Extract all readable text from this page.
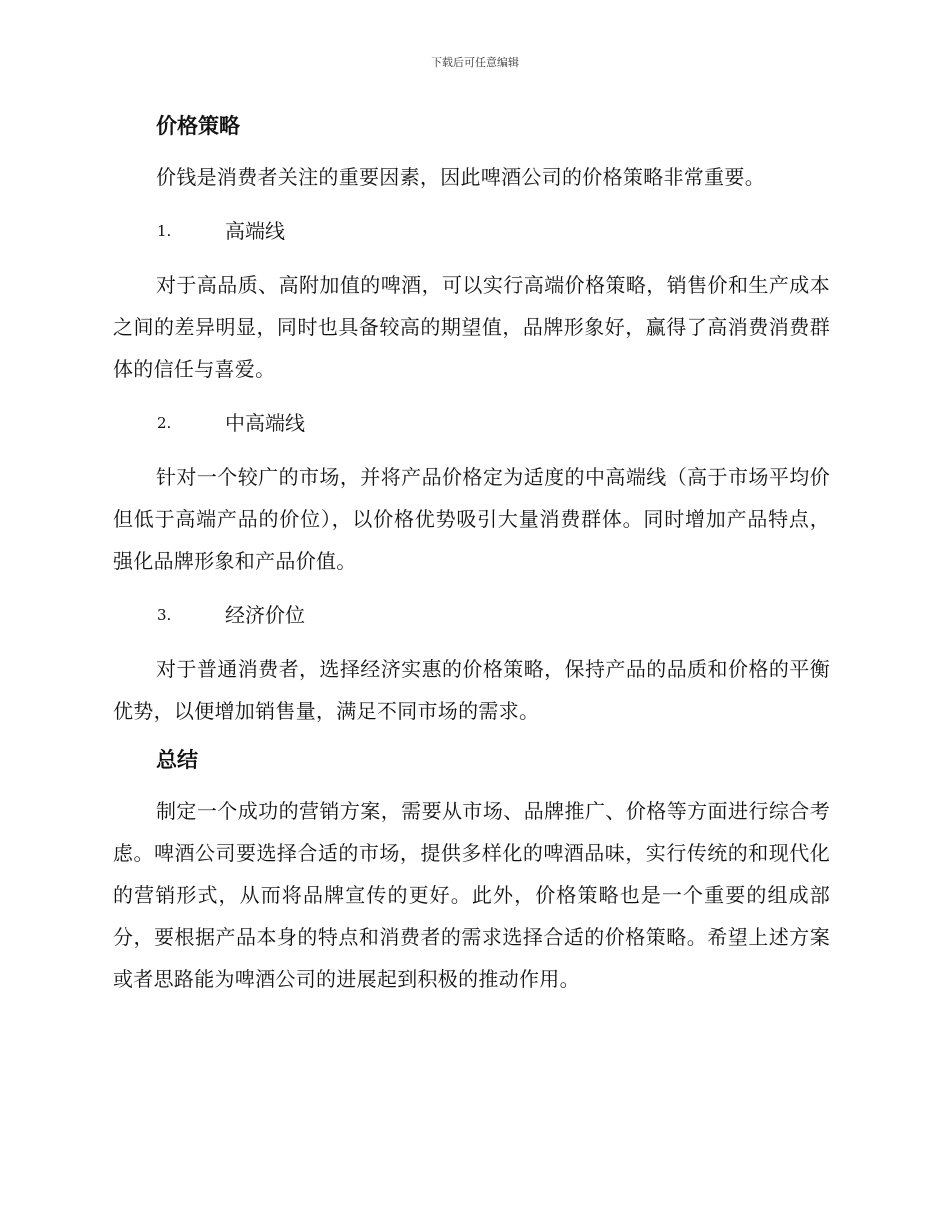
下载后可任意编辑
价格策略

价钱是消费者关注的重要因素，因此啤酒公司的价格策略非常重要。

1.	高端线

对于高品质、高附加值的啤酒，可以实行高端价格策略，销售价和生产成本之间的差异明显，同时也具备较高的期望值，品牌形象好，赢得了高消费消费群体的信任与喜爱。

2.	中高端线

针对一个较广的市场，并将产品价格定为适度的中高端线（高于市场平均价但低于高端产品的价位），以价格优势吸引大量消费群体。同时增加产品特点，强化品牌形象和产品价值。

3.	经济价位

对于普通消费者，选择经济实惠的价格策略，保持产品的品质和价格的平衡优势，以便增加销售量，满足不同市场的需求。

总结

制定一个成功的营销方案，需要从市场、品牌推广、价格等方面进行综合考虑。啤酒公司要选择合适的市场，提供多样化的啤酒品味，实行传统的和现代化的营销形式，从而将品牌宣传的更好。此外，价格策略也是一个重要的组成部分，要根据产品本身的特点和消费者的需求选择合适的价格策略。希望上述方案或者思路能为啤酒公司的进展起到积极的推动作用。
